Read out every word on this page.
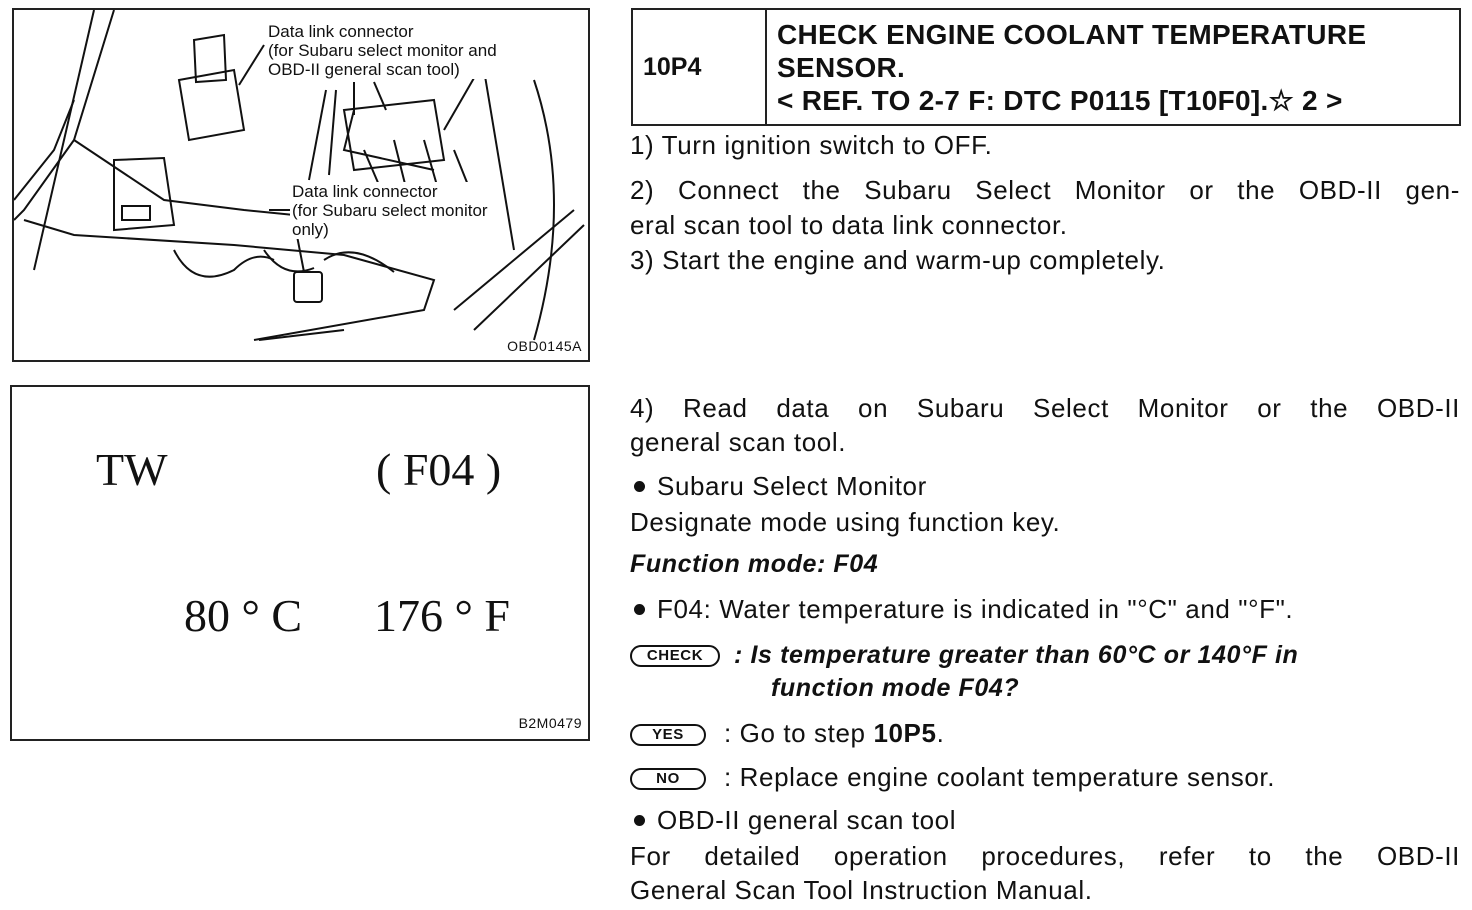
Data link connector
(for Subaru select monitor and
OBD-II general scan tool)
Data link connector
(for Subaru select monitor
only)
OBD0145A
TW	( F04 )
80 ° C 176 ° F
B2M0479
10P4
CHECK ENGINE COOLANT TEMPERATURE
SENSOR.
< REF. TO 2-7 F: DTC P0115 [T10F0].☆ 2 >
1) Turn ignition switch to OFF.
2) Connect the Subaru Select Monitor or the OBD-II gen-
eral scan tool to data link connector.
3) Start the engine and warm-up completely.
4) Read data on Subaru Select Monitor or the OBD-II
general scan tool.
Subaru Select Monitor
Designate mode using function key.
Function mode: F04
F04: Water temperature is indicated in "°C" and "°F".
CHECK : Is temperature greater than 60°C or 140°F in
function mode F04?
YES : Go to step 10P5.
NO : Replace engine coolant temperature sensor.
OBD-II general scan tool
For detailed operation procedures, refer to the OBD-II
General Scan Tool Instruction Manual.
